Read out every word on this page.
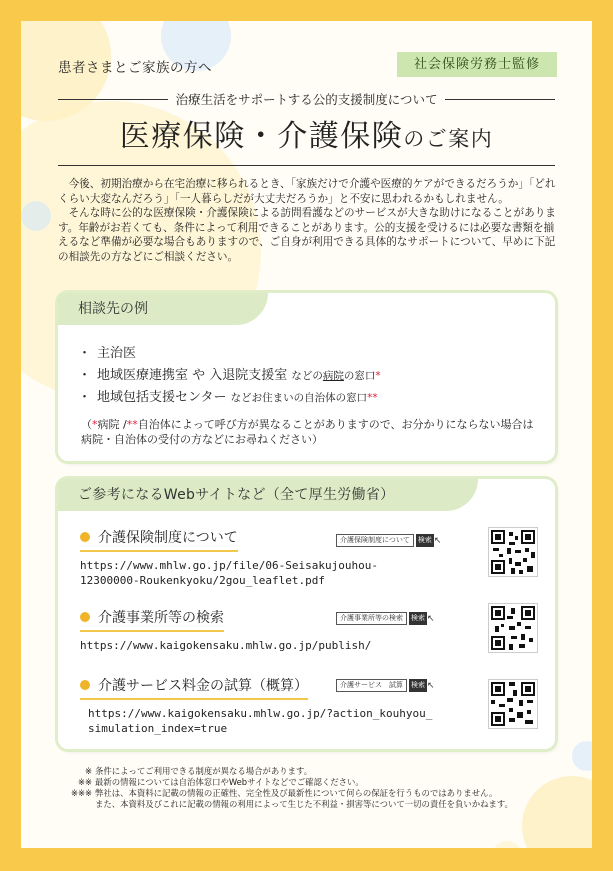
患者さまとご家族の方へ	社会保険労務士監修
治療生活をサポートする公的支援制度について
医療保険・介護保険のご案内

今後、初期治療から在宅治療に移られるとき、「家族だけで介護や医療的ケアができるだろうか」「どれくらい大変なんだろう」「一人暮らしだが大丈夫だろうか」と不安に思われるかもしれません。

そんな時に公的な医療保険・介護保険による訪問看護などのサービスが大きな助けになることがあります。年齢がお若くても、条件によって利用できることがあります。公的支援を受けるには必要な書類を揃えるなど準備が必要な場合もありますので、ご自身が利用できる具体的なサポートについて、早めに下記の相談先の方などにご相談ください。

相談先の例
・ 主治医
・ 地域医療連携室 や 入退院支援室 などの病院の窓口*
・ 地域包括支援センター などお住まいの自治体の窓口**
（*病院 /**自治体によって呼び方が異なることがありますので、お分かりにならない場合は病院・自治体の受付の方などにお尋ねください）
ご参考になるWebサイトなど（全て厚生労働省）
介護保険制度について
https://www.mhlw.go.jp/file/06-Seisakujouhou-
12300000-Roukenkyoku/2gou_leaflet.pdf
介護保険制度について	検索 ↖
介護事業所等の検索
https://www.kaigokensaku.mhlw.go.jp/publish/
介護事業所等の検索	検索 ↖
介護サービス料金の試算（概算）
https://www.kaigokensaku.mhlw.go.jp/?action_kouhyou_
simulation_index=true
介護サービス　試算	検索 ↖
※ 条件によってご利用できる制度が異なる場合があります。
※※ 最新の情報については自治体窓口やWebサイトなどでご確認ください。
※※※ 弊社は、本資料に記載の情報の正確性、完全性及び最新性について何らの保証を行うものではありません。
また、本資料及びこれに記載の情報の利用によって生じた不利益・損害等について一切の責任を負いかねます。
